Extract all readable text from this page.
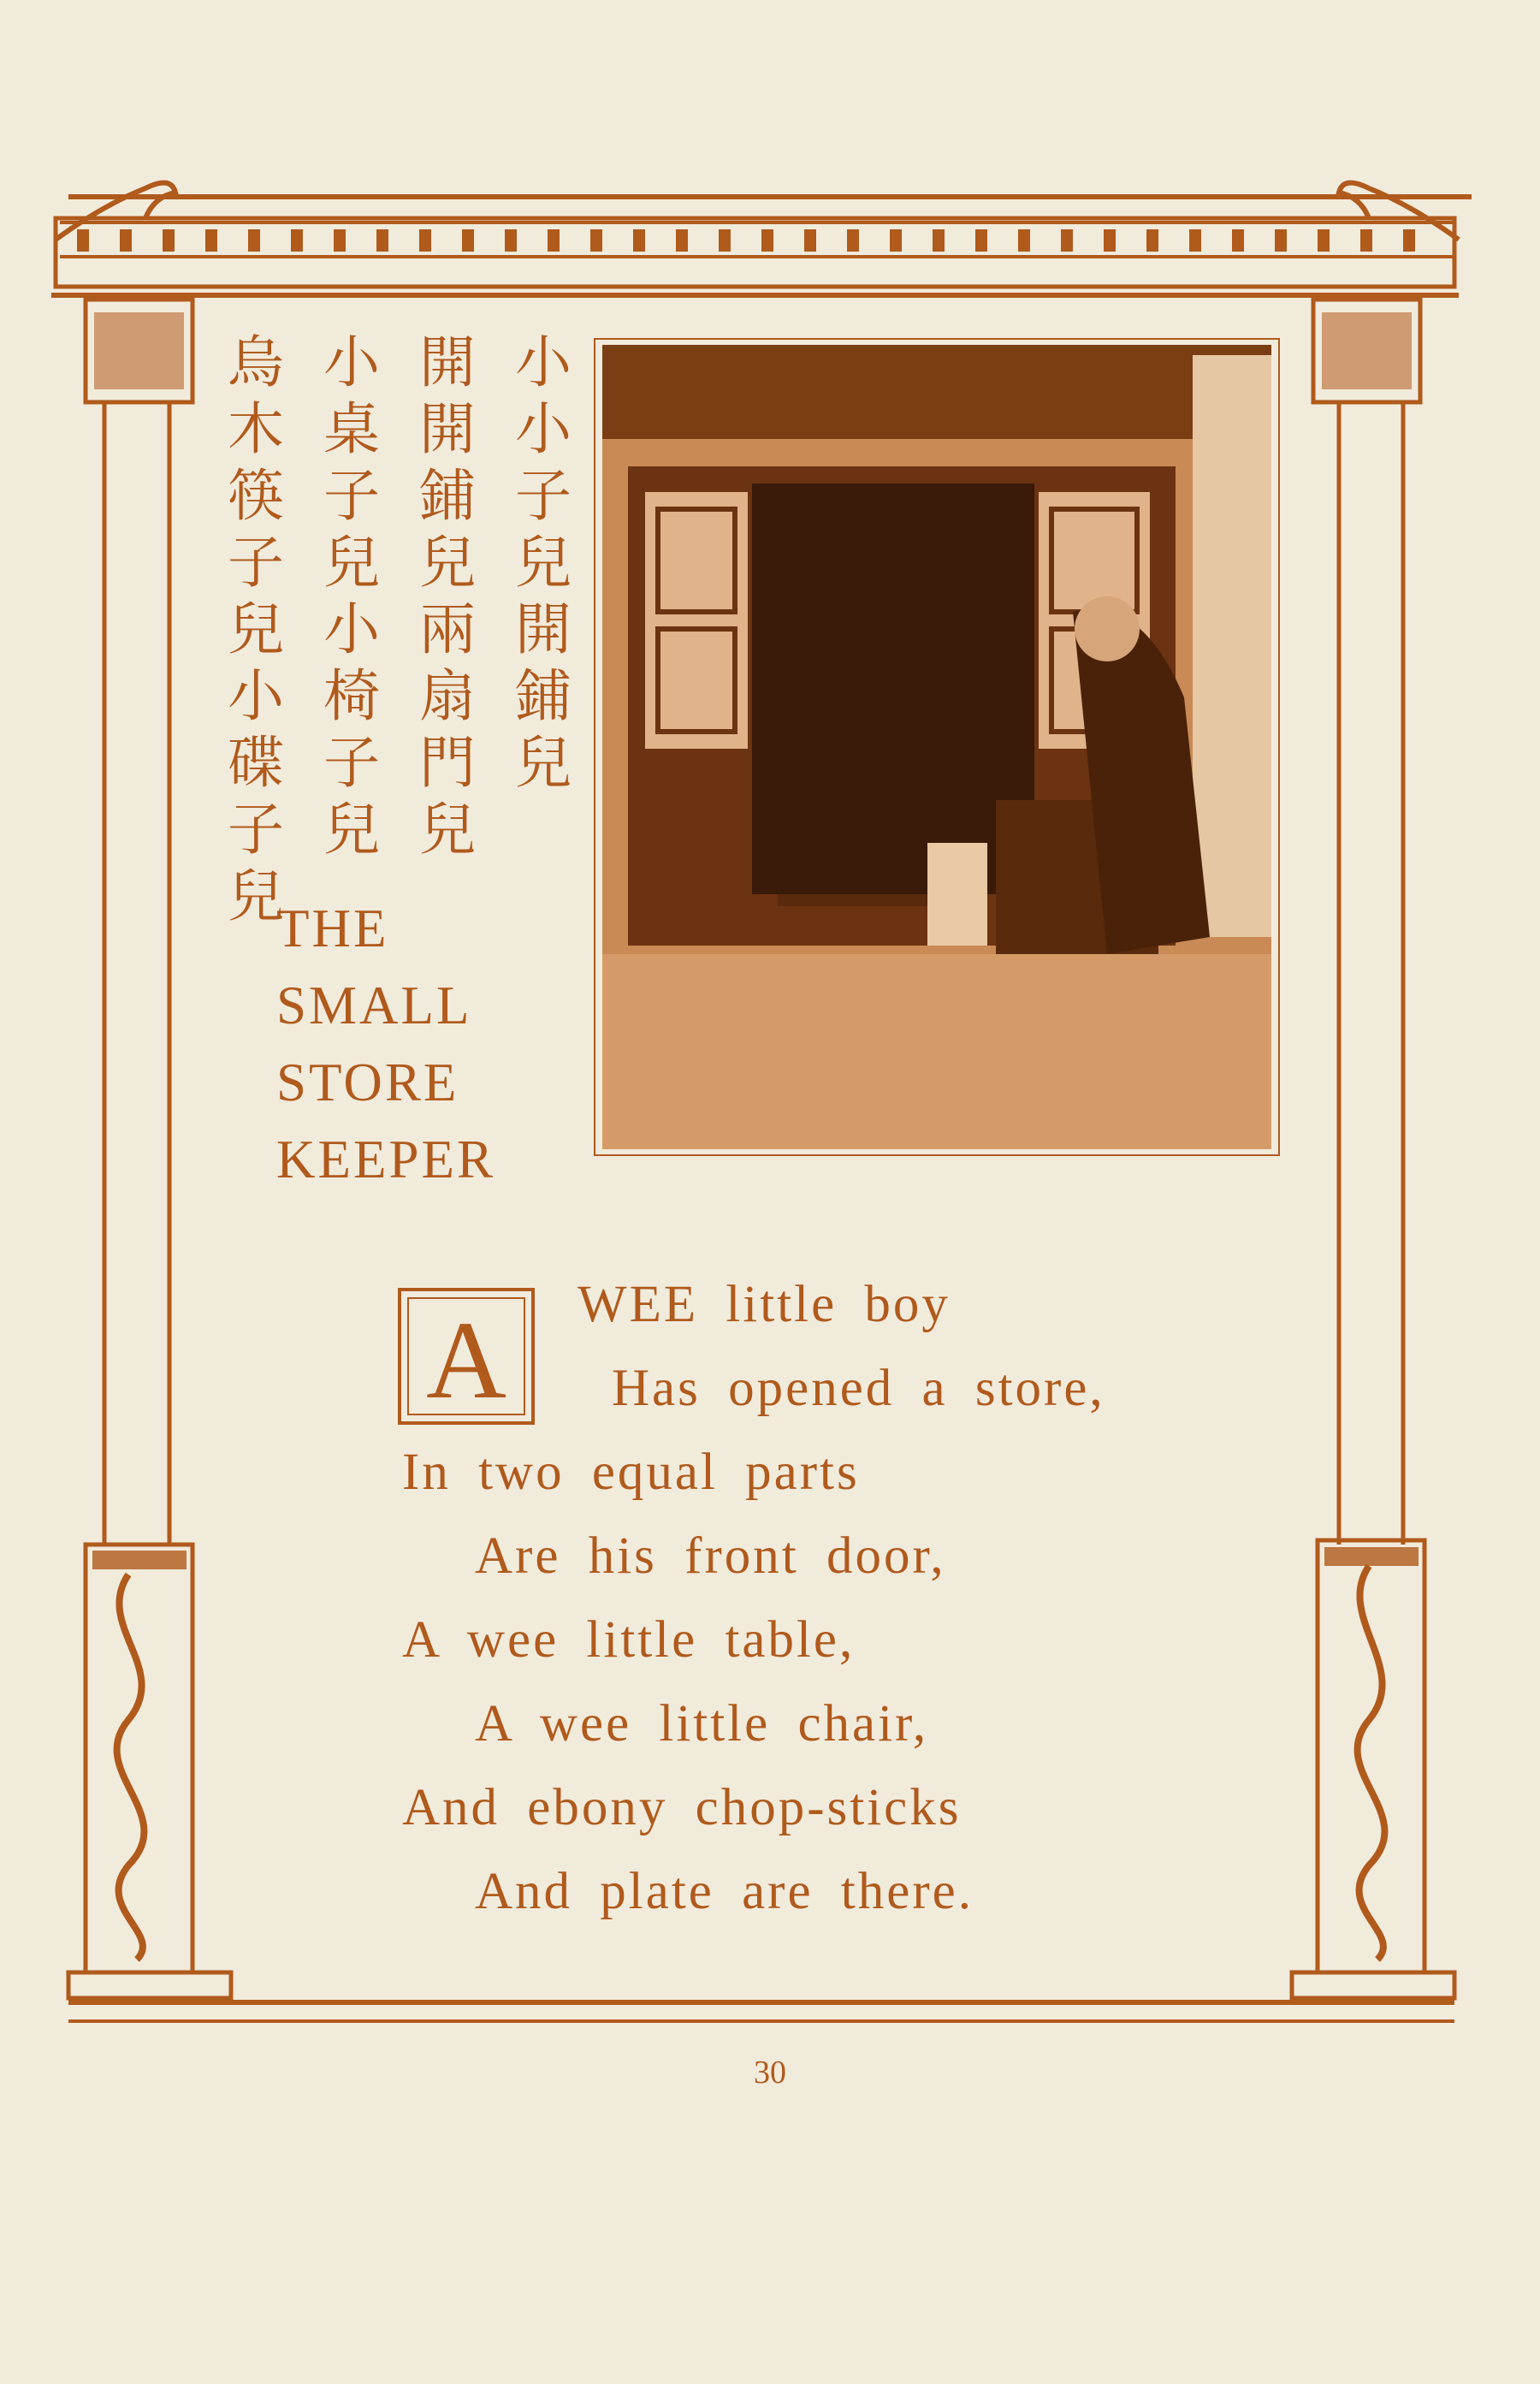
小小子兒開鋪兒
開開鋪兒兩扇門兒
小桌子兒小椅子兒
烏木筷子兒小碟子兒
THE
SMALL
STORE
KEEPER
A WEE little boy
Has opened a store,
In two equal parts
Are his front door,
A wee little table,
A wee little chair,
And ebony chop-sticks
And plate are there.
30
